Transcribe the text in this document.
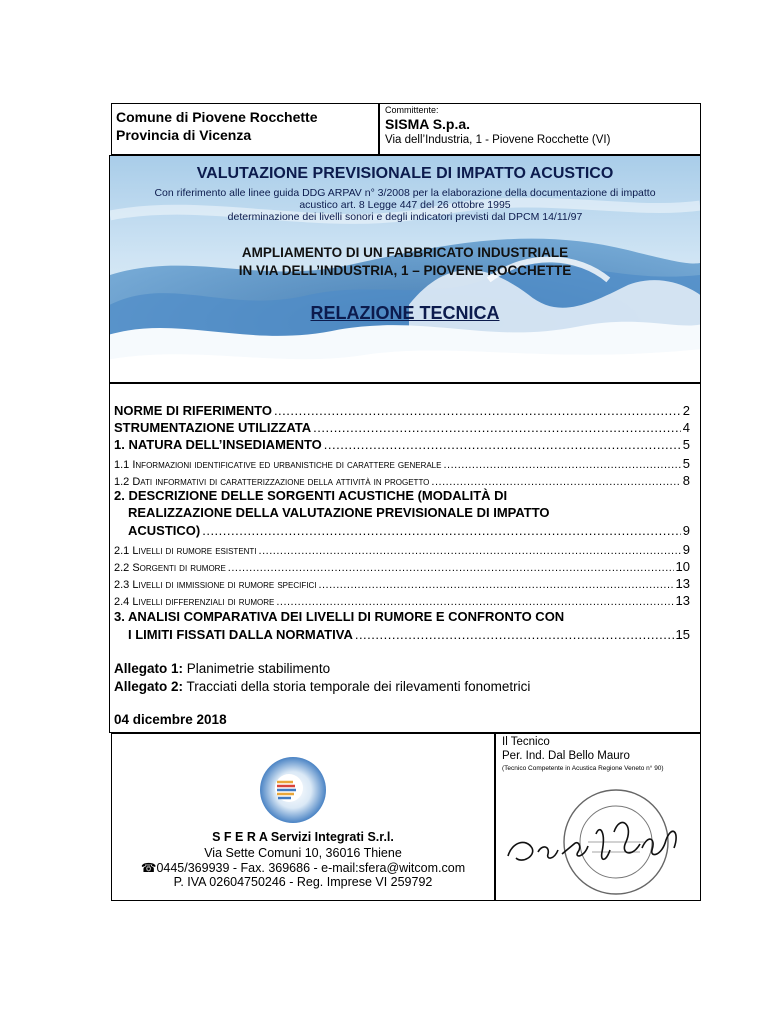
Comune di Piovene Rocchette
Provincia di Vicenza
Committente:
SISMA S.p.a.
Via dell’Industria, 1 - Piovene Rocchette (VI)
VALUTAZIONE PREVISIONALE DI IMPATTO ACUSTICO
Con riferimento alle linee guida DDG ARPAV n° 3/2008 per la elaborazione della documentazione di impatto
acustico art. 8 Legge 447 del 26 ottobre 1995
determinazione dei livelli sonori e degli indicatori previsti dal DPCM 14/11/97
AMPLIAMENTO DI UN FABBRICATO INDUSTRIALE
IN VIA DELL’INDUSTRIA, 1 – PIOVENE ROCCHETTE
RELAZIONE TECNICA
NORME DI RIFERIMENTO .....	2
STRUMENTAZIONE UTILIZZATA .....	4
1. NATURA DELL’INSEDIAMENTO .....	5
1.1 Informazioni identificative ed urbanistiche di carattere generale .....	5
1.2 Dati informativi di caratterizzazione della attività in progetto .....	8
2. DESCRIZIONE DELLE SORGENTI ACUSTICHE (MODALITÀ DI
REALIZZAZIONE DELLA VALUTAZIONE PREVISIONALE DI IMPATTO
ACUSTICO) .....	9
2.1 Livelli di rumore esistenti .....	9
2.2 Sorgenti di rumore .....	10
2.3 Livelli di immissione di rumore specifici .....	13
2.4 Livelli differenziali di rumore .....	13
3. ANALISI COMPARATIVA DEI LIVELLI DI RUMORE E CONFRONTO CON
I LIMITI FISSATI DALLA NORMATIVA .....	15
Allegato 1: Planimetrie stabilimento
Allegato 2: Tracciati della storia temporale dei rilevamenti fonometrici
04 dicembre 2018
S F E R A Servizi Integrati S.r.l.
Via Sette Comuni 10, 36016 Thiene
☎0445/369939 - Fax. 369686 - e-mail:sfera@witcom.com
P. IVA 02604750246 - Reg. Imprese VI 259792
Il Tecnico
Per. Ind. Dal Bello Mauro
(Tecnico Competente in Acustica Regione Veneto n° 90)
